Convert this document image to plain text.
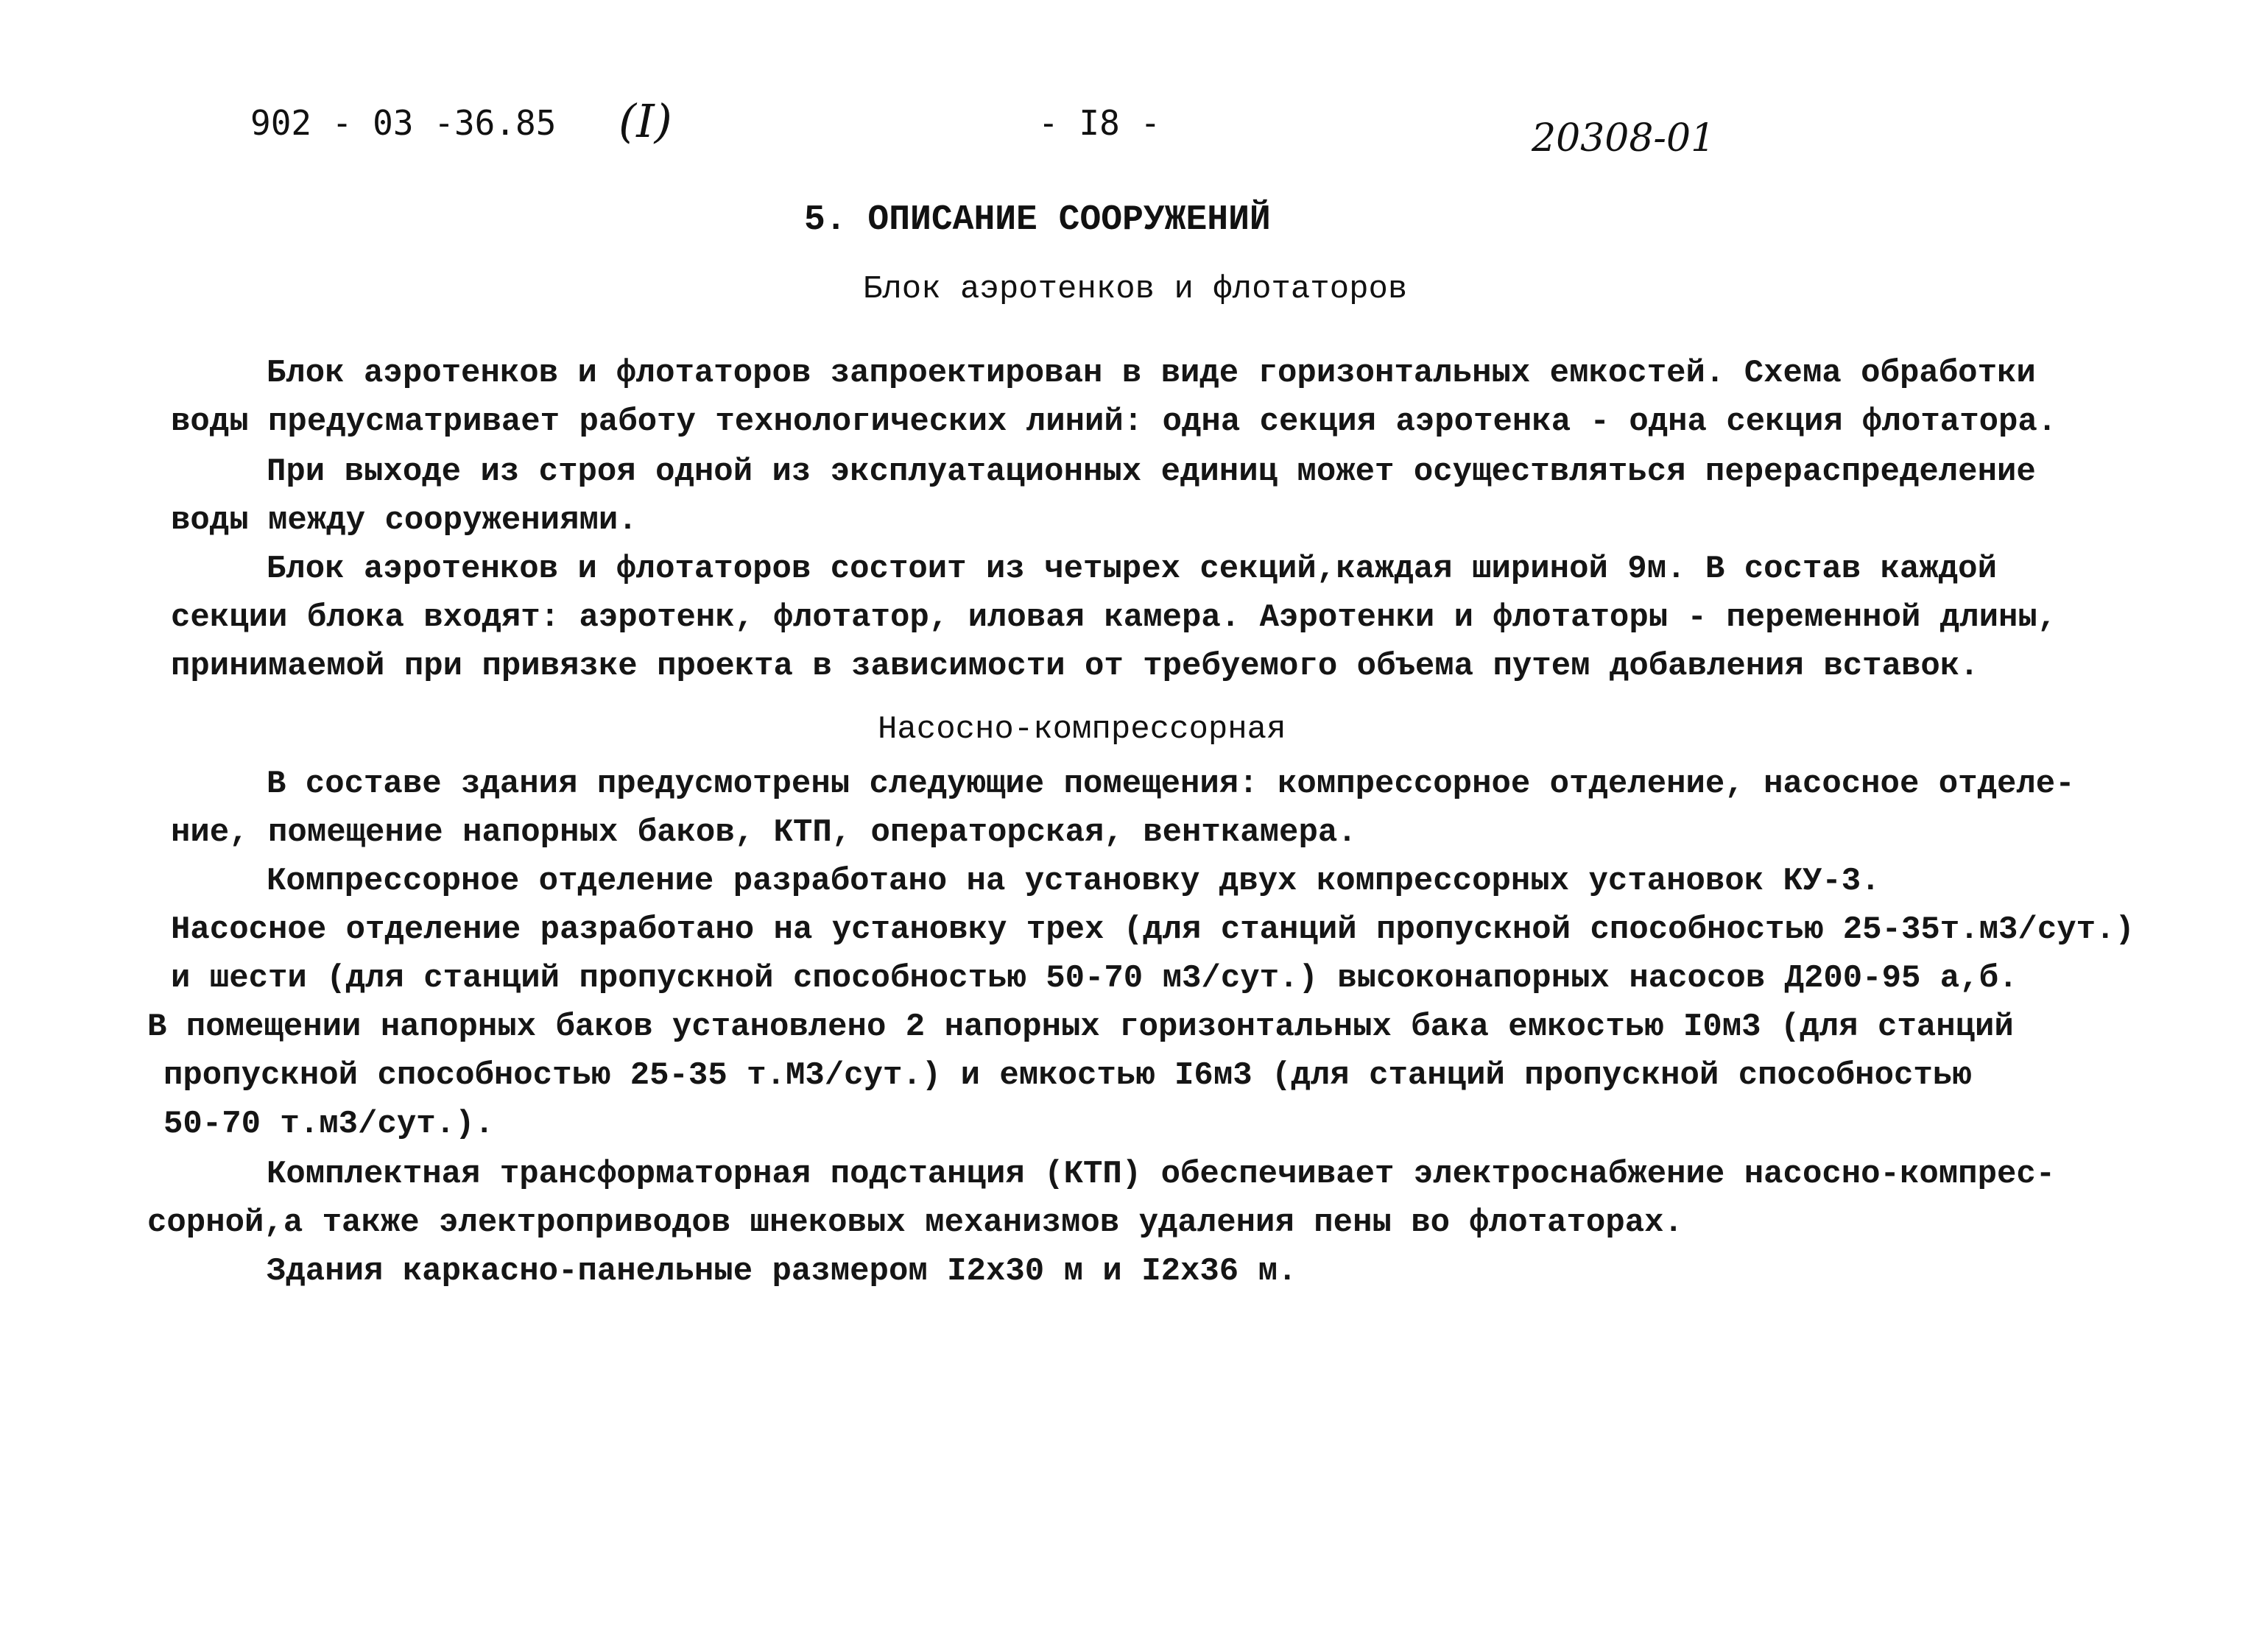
902 - 03 -36.85 (I)	- I8 -	20308-01
5. ОПИСАНИЕ СООРУЖЕНИЙ
Блок аэротенков и флотаторов
Блок аэротенков и флотаторов запроектирован в виде горизонтальных емкостей. Схема обработки
воды предусматривает работу технологических линий: одна секция аэротенка - одна секция флотатора.
При выходе из строя одной из эксплуатационных единиц может осуществляться перераспределение
воды между сооружениями.
Блок аэротенков и флотаторов состоит из четырех секций,каждая шириной 9м. В состав каждой
секции блока входят: аэротенк, флотатор, иловая камера. Аэротенки и флотаторы - переменной длины,
принимаемой при привязке проекта в зависимости от требуемого объема путем добавления вставок.
Насосно-компрессорная
В составе здания предусмотрены следующие помещения: компрессорное отделение, насосное отделе-
ние, помещение напорных баков, КТП, операторская, венткамера.
Компрессорное отделение разработано на установку двух компрессорных установок КУ-3.
Насосное отделение разработано на установку трех (для станций пропускной способностью 25-35т.м3/сут.)
и шести (для станций пропускной способностью 50-70 м3/сут.) высоконапорных насосов Д200-95 а,б.
В помещении напорных баков установлено 2 напорных горизонтальных бака емкостью I0м3 (для станций
пропускной способностью 25-35 т.М3/сут.) и емкостью I6м3 (для станций пропускной способностью
50-70 т.м3/сут.).
Комплектная трансформаторная подстанция (КТП) обеспечивает электроснабжение насосно-компрес-
сорной,а также электроприводов шнековых механизмов удаления пены во флотаторах.
Здания каркасно-панельные размером I2х30 м и I2х36 м.
